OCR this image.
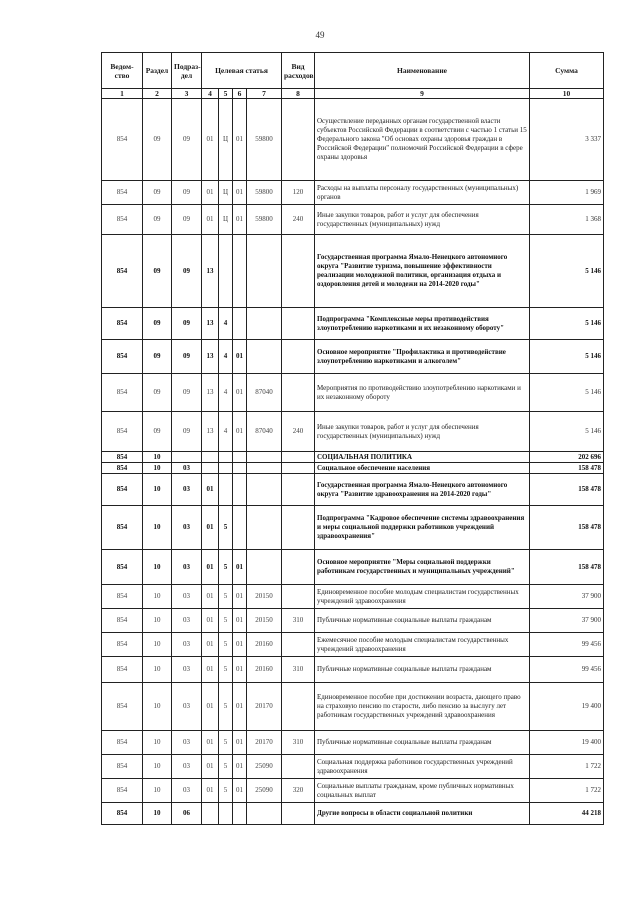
49
Ведом-ство	Раздел	Подраз-дел	Целевая статья				Вид расходов	Наименование	Сумма
1	2	3	4	5	6	7	8	9	10
854	09	09	01	Ц	01	59800		Осуществление переданных органам государственной власти субъектов Российской Федерации в соответствии с частью 1 статьи 15 Федерального закона "Об основах охраны здоровья граждан в Российской Федерации" полномочий Российской Федерации в сфере охраны здоровья	3 337
854	09	09	01	Ц	01	59800	120	Расходы на выплаты персоналу государственных (муниципальных) органов	1 969
854	09	09	01	Ц	01	59800	240	Иные закупки товаров, работ и услуг для обеспечения государственных (муниципальных) нужд	1 368
854	09	09	13					Государственная программа Ямало-Ненецкого автономного округа "Развитие туризма, повышение эффективности реализации молодежной политики, организация отдыха и оздоровления детей и молодежи на 2014-2020 годы"	5 146
854	09	09	13	4				Подпрограмма "Комплексные меры противодействия злоупотреблению наркотиками и их незаконному обороту"	5 146
854	09	09	13	4	01			Основное мероприятие "Профилактика и противодействие злоупотреблению наркотиками и алкоголем"	5 146
854	09	09	13	4	01	87040		Мероприятия по противодействию злоупотреблению наркотиками и их незаконному обороту	5 146
854	09	09	13	4	01	87040	240	Иные закупки товаров, работ и услуг для обеспечения государственных (муниципальных) нужд	5 146
854	10							СОЦИАЛЬНАЯ ПОЛИТИКА	202 696
854	10	03						Социальное обеспечение населения	158 478
854	10	03	01					Государственная программа Ямало-Ненецкого автономного округа "Развитие здравоохранения на 2014-2020 годы"	158 478
854	10	03	01	5				Подпрограмма "Кадровое обеспечение системы здравоохранения и меры социальной поддержки работников учреждений здравоохранения"	158 478
854	10	03	01	5	01			Основное мероприятие "Меры социальной поддержки работникам государственных и муниципальных учреждений"	158 478
854	10	03	01	5	01	20150		Единовременное пособие молодым специалистам государственных учреждений здравоохранения	37 900
854	10	03	01	5	01	20150	310	Публичные нормативные социальные выплаты гражданам	37 900
854	10	03	01	5	01	20160		Ежемесячное пособие молодым специалистам государственных учреждений здравоохранения	99 456
854	10	03	01	5	01	20160	310	Публичные нормативные социальные выплаты гражданам	99 456
854	10	03	01	5	01	20170		Единовременное пособие при достижении возраста, дающего право на страховую пенсию по старости, либо пенсию за выслугу лет работникам государственных учреждений здравоохранения	19 400
854	10	03	01	5	01	20170	310	Публичные нормативные социальные выплаты гражданам	19 400
854	10	03	01	5	01	25090		Социальная поддержка работников государственных учреждений здравоохранения	1 722
854	10	03	01	5	01	25090	320	Социальные выплаты гражданам, кроме публичных нормативных социальных выплат	1 722
854	10	06						Другие вопросы в области социальной политики	44 218
